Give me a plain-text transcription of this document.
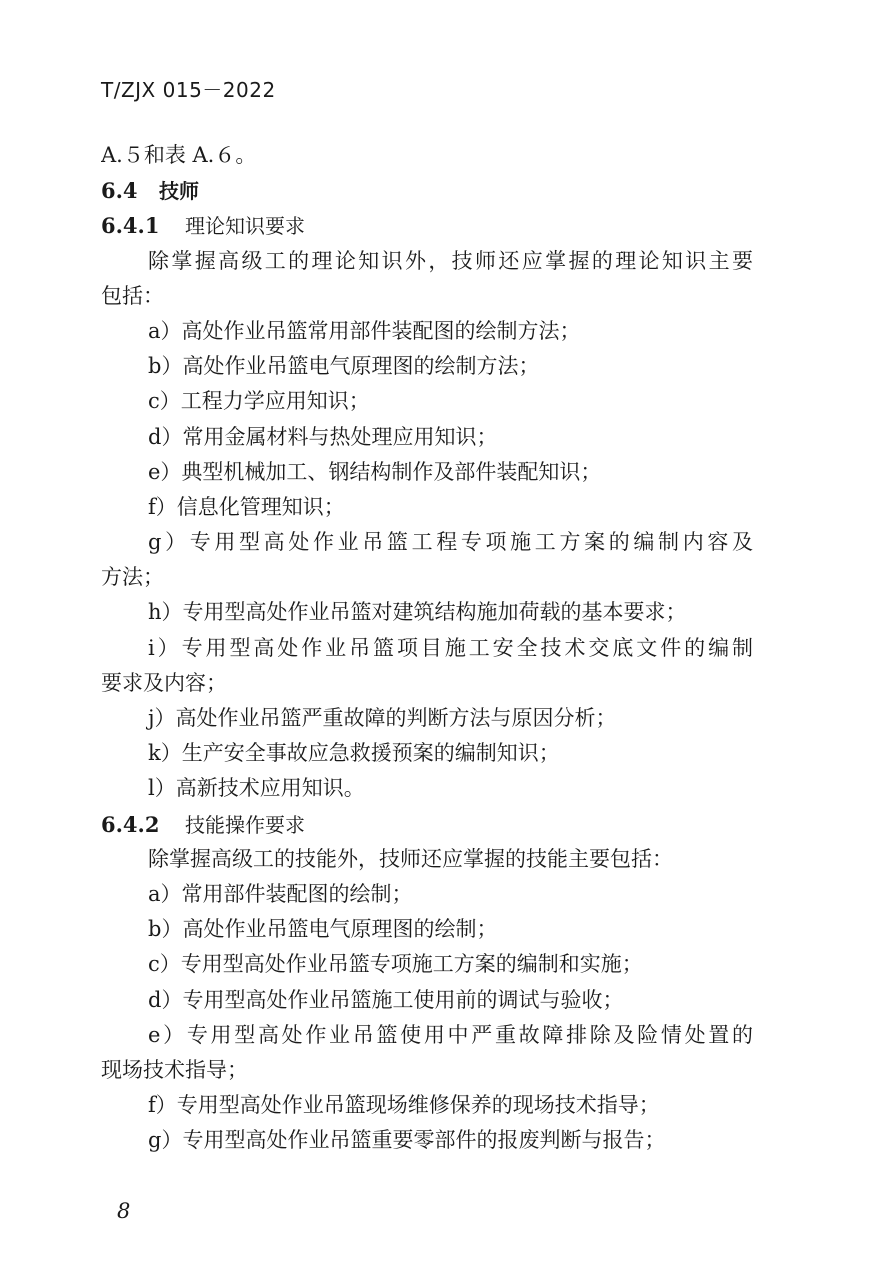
T/ZJX 015－2022
A.５和表 A.６。
6.4 技师
6.4.1 理论知识要求
除掌握高级工的理论知识外，技师还应掌握的理论知识主要
包括：
a）高处作业吊篮常用部件装配图的绘制方法；
b）高处作业吊篮电气原理图的绘制方法；
c）工程力学应用知识；
d）常用金属材料与热处理应用知识；
e）典型机械加工、钢结构制作及部件装配知识；
f）信息化管理知识；
g）专用型高处作业吊篮工程专项施工方案的编制内容及
方法；
h）专用型高处作业吊篮对建筑结构施加荷载的基本要求；
i）专用型高处作业吊篮项目施工安全技术交底文件的编制
要求及内容；
j）高处作业吊篮严重故障的判断方法与原因分析；
k）生产安全事故应急救援预案的编制知识；
l）高新技术应用知识。
6.4.2 技能操作要求
除掌握高级工的技能外，技师还应掌握的技能主要包括：
a）常用部件装配图的绘制；
b）高处作业吊篮电气原理图的绘制；
c）专用型高处作业吊篮专项施工方案的编制和实施；
d）专用型高处作业吊篮施工使用前的调试与验收；
e）专用型高处作业吊篮使用中严重故障排除及险情处置的
现场技术指导；
f）专用型高处作业吊篮现场维修保养的现场技术指导；
g）专用型高处作业吊篮重要零部件的报废判断与报告；
8
